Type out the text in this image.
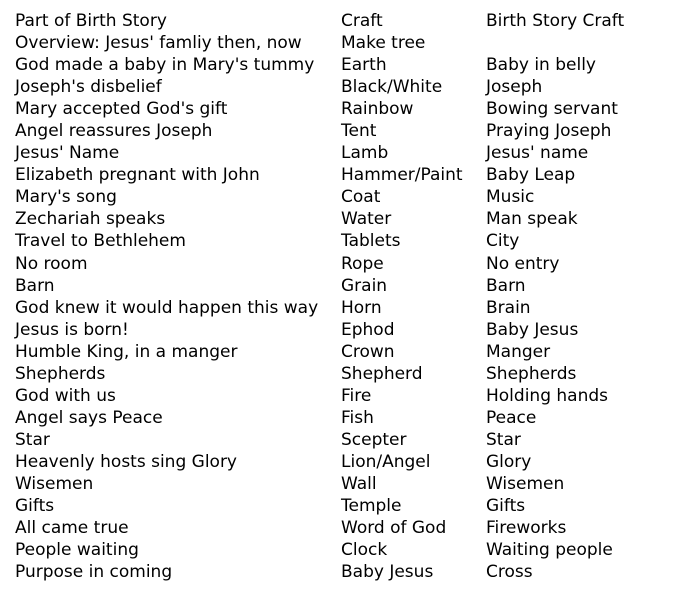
Part of Birth Story	Craft	Birth Story Craft
Overview: Jesus' famliy then, now	Make tree	
God made a baby in Mary's tummy	Earth	Baby in belly
Joseph's disbelief	Black/White	Joseph
Mary accepted God's gift	Rainbow	Bowing servant
Angel reassures Joseph	Tent	Praying Joseph
Jesus' Name	Lamb	Jesus' name
Elizabeth pregnant with John	Hammer/Paint	Baby Leap
Mary's song	Coat	Music
Zechariah speaks	Water	Man speak
Travel to Bethlehem	Tablets	City
No room	Rope	No entry
Barn	Grain	Barn
God knew it would happen this way	Horn	Brain
Jesus is born!	Ephod	Baby Jesus
Humble King, in a manger	Crown	Manger
Shepherds	Shepherd	Shepherds
God with us	Fire	Holding hands
Angel says Peace	Fish	Peace
Star	Scepter	Star
Heavenly hosts sing Glory	Lion/Angel	Glory
Wisemen	Wall	Wisemen
Gifts	Temple	Gifts
All came true	Word of God	Fireworks
People waiting	Clock	Waiting people
Purpose in coming	Baby Jesus	Cross
